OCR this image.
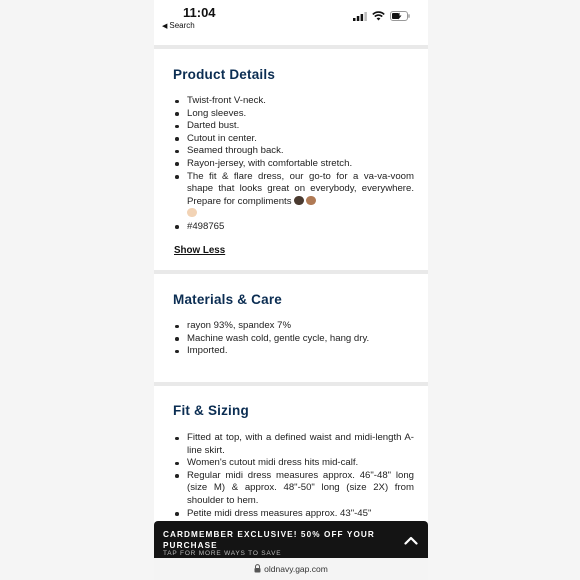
11:04
◀ Search
Product Details
Twist-front V-neck.
Long sleeves.
Darted bust.
Cutout in center.
Seamed through back.
Rayon-jersey, with comfortable stretch.
The fit & flare dress, our go-to for a va-va-voom shape that looks great on everybody, everywhere. Prepare for compliments

#498765
Show Less
Materials & Care
rayon 93%, spandex 7%
Machine wash cold, gentle cycle, hang dry.
Imported.
Fit & Sizing
Fitted at top, with a defined waist and midi-length A-line skirt.
Women's cutout midi dress hits mid-calf.
Regular midi dress measures approx. 46"-48" long (size M) & approx. 48"-50" long (size 2X) from shoulder to hem.
Petite midi dress measures approx. 43"-45"
CARDMEMBER EXCLUSIVE! 50% OFF YOUR PURCHASE
TAP FOR MORE WAYS TO SAVE
oldnavy.gap.com
